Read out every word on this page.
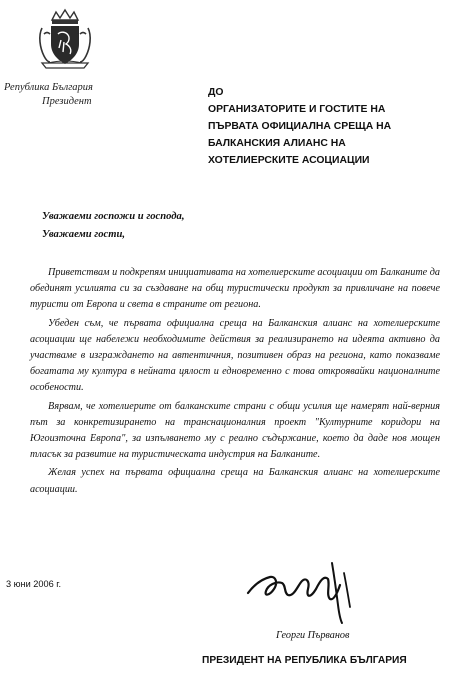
Република България
Президент
ДО
ОРГАНИЗАТОРИТЕ И ГОСТИТЕ НА
ПЪРВАТА ОФИЦИАЛНА СРЕЩА НА
БАЛКАНСКИЯ АЛИАНС НА
ХОТЕЛИЕРСКИТЕ АСОЦИАЦИИ
Уважаеми госпожи и господа,
Уважаеми гости,

Приветствам и подкрепям инициативата на хотелиерските асоциации от Балканите да обединят усилията си за създаване на общ туристически продукт за привличане на повече туристи от Европа и света в страните от региона.

Убеден съм, че първата официална среща на Балканския алианс на хотелиерските асоциации ще набележи необходимите действия за реализирането на идеята активно да участваме в изграждането на автентичния, позитивен образ на региона, като показваме богатата му култура в нейната цялост и едновременно с това откроявайки националните особености.

Вярвам, че хотелиерите от балканските страни с общи усилия ще намерят най-верния път за конкретизирането на транснационалния проект "Културните коридори на Югоизточна Европа", за изпълването му с реално съдържание, което да даде нов мощен тласък за развитие на туристическата индустрия на Балканите.

Желая успех на първата официална среща на Балканския алианс на хотелиерските асоциации.

3 юни 2006 г.
Георги Първанов
ПРЕЗИДЕНТ НА РЕПУБЛИКА БЪЛГАРИЯ
